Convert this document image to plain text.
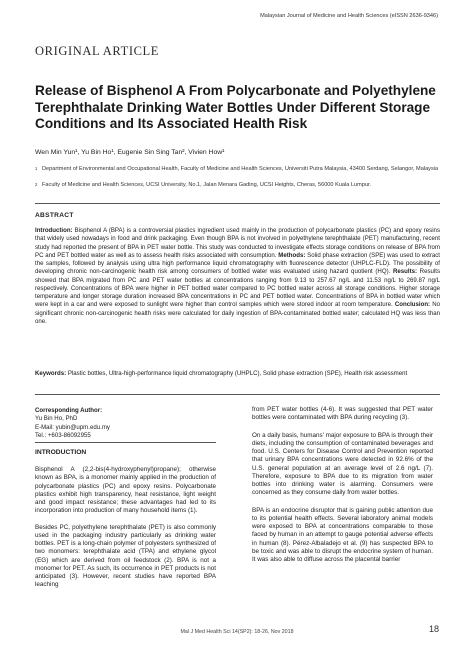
Malaysian Journal of Medicine and Health Sciences (eISSN 2636-9346)
ORIGINAL ARTICLE
Release of Bisphenol A From Polycarbonate and Polyethylene Terephthalate Drinking Water Bottles Under Different Storage Conditions and Its Associated Health Risk
Wen Min Yun¹, Yu Bin Ho¹, Eugenie Sin Sing Tan², Vivien How¹
1 Department of Environmental and Occupational Health, Faculty of Medicine and Health Sciences, Universiti Putra Malaysia, 43400 Serdang, Selangor, Malaysia
2 Faculty of Medicine and Health Sciences, UCSI University, No.1, Jalan Menara Gading, UCSI Heights, Cheras, 56000 Kuala Lumpur.
ABSTRACT
Introduction: Bisphenol A (BPA) is a controversial plastics ingredient used mainly in the production of polycarbonate plastics (PC) and epoxy resins that widely used nowadays in food and drink packaging. Even though BPA is not involved in polyethylene terephthalate (PET) manufacturing, recent study had reported the present of BPA in PET water bottle. This study was conducted to investigate effects storage conditions on release of BPA from PC and PET bottled water as well as to assess health risks associated with consumption. Methods: Solid phase extraction (SPE) was used to extract the samples, followed by analysis using ultra high performance liquid chromatography with fluorescence detector (UHPLC-FLD). The possibility of developing chronic non-carcinogenic health risk among consumers of bottled water was evaluated using hazard quotient (HQ). Results: Results showed that BPA migrated from PC and PET water bottles at concentrations ranging from 9.13 to 257.67 ng/L and 11.53 ng/L to 269.87 ng/L respectively. Concentrations of BPA were higher in PET bottled water compared to PC bottled water across all storage conditions. Higher storage temperature and longer storage duration increased BPA concentrations in PC and PET bottled water. Concentrations of BPA in bottled water which were kept in a car and were exposed to sunlight were higher than control samples which were stored indoor at room temperature. Conclusion: No significant chronic non-carcinogenic health risks were calculated for daily ingestion of BPA-contaminated bottled water; calculated HQ was less than one.
Keywords: Plastic bottles, Ultra-high-performance liquid chromatography (UHPLC), Solid phase extraction (SPE), Health risk assessment
Corresponding Author:
Yu Bin Ho, PhD
E-Mail: yubin@upm.edu.my
Tel.: +603-86092955
INTRODUCTION

Bisphenol A (2,2-bis(4-hydroxyphenyl)propane); otherwise known as BPA, is a monomer mainly applied in the production of polycarbonate plastics (PC) and epoxy resins. Polycarbonate plastics exhibit high transparency, heat resistance, light weight and good impact resistance; these advantages had led to its incorporation into production of many household items (1).

Besides PC, polyethylene terephthalate (PET) is also commonly used in the packaging industry particularly as drinking water bottles. PET is a long-chain polymer of polyesters synthesized of two monomers: terephthalate acid (TPA) and ethylene glycol (EG) which are derived from oil feedstock (2). BPA is not a monomer for PET. As such, its occurrence in PET products is not anticipated (3). However, recent studies have reported BPA leaching

from PET water bottles (4-6). It was suggested that PET water bottles were contaminated with BPA during recycling (3).

On a daily basis, humans' major exposure to BPA is through their diets, including the consumption of contaminated beverages and food. U.S. Centers for Disease Control and Prevention reported that urinary BPA concentrations were detected in 92.6% of the U.S. general population at an average level of 2.6 ng/L (7). Therefore, exposure to BPA due to its migration from water bottles into drinking water is alarming. Consumers were concerned as they consume daily from water bottles.

BPA is an endocrine disruptor that is gaining public attention due to its potential health effects. Several laboratory animal models were exposed to BPA at concentrations comparable to those faced by human in an attempt to gauge potential adverse effects in human (8). Pérez-Albaladejo et al. (9) has suspected BPA to be toxic and was able to disrupt the endocrine system of human. It was also able to diffuse across the placental barrier

Mal J Med Health Sci 14(SP2): 18-26, Nov 2018	18
